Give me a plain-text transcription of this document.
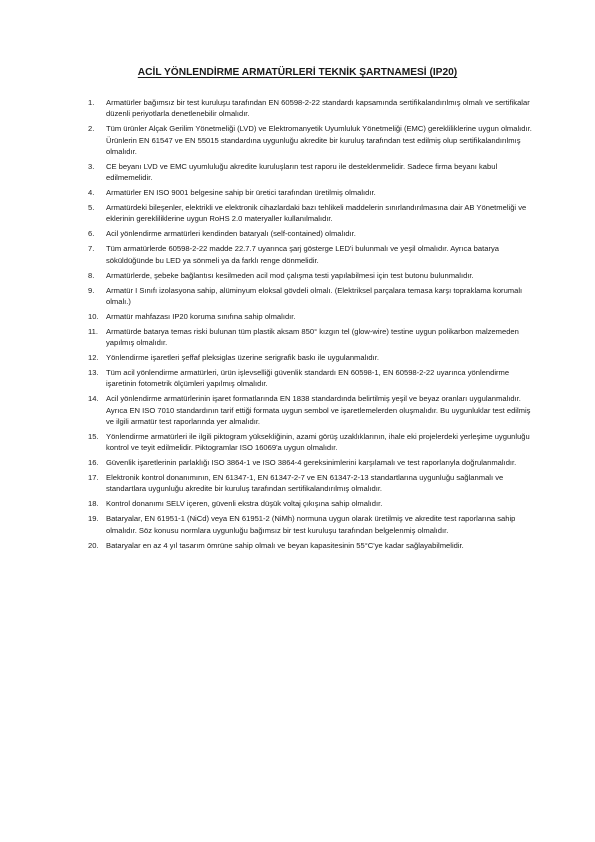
ACİL YÖNLENDİRME ARMATÜRLERİ TEKNİK ŞARTNAMESİ (IP20)
1.	Armatürler bağımsız bir test kuruluşu tarafından EN 60598-2-22 standardı kapsamında sertifikalandırılmış olmalı ve sertifikalar düzenli periyotlarla denetlenebilir olmalıdır.
2.	Tüm ürünler Alçak Gerilim Yönetmeliği (LVD) ve Elektromanyetik Uyumluluk Yönetmeliği (EMC) gerekliliklerine uygun olmalıdır. Ürünlerin EN 61547 ve EN 55015 standardına uygunluğu akredite bir kuruluş tarafından test edilmiş olup sertifikalandırılmış olmalıdır.
3.	CE beyanı LVD ve EMC uyumluluğu akredite kuruluşların test raporu ile desteklenmelidir. Sadece firma beyanı kabul edilmemelidir.
4.	Armatürler EN ISO 9001 belgesine sahip bir üretici tarafından üretilmiş olmalıdır.
5.	Armatürdeki bileşenler, elektrikli ve elektronik cihazlardaki bazı tehlikeli maddelerin sınırlandırılmasına dair AB Yönetmeliği ve eklerinin gerekliliklerine uygun RoHS 2.0 materyaller kullanılmalıdır.
6.	Acil yönlendirme armatürleri kendinden bataryalı (self-contained) olmalıdır.
7.	Tüm armatürlerde 60598-2-22 madde 22.7.7 uyarınca şarj gösterge LED'i bulunmalı ve yeşil olmalıdır. Ayrıca batarya söküldüğünde bu LED ya sönmeli ya da farklı renge dönmelidir.
8.	Armatürlerde, şebeke bağlantısı kesilmeden acil mod çalışma testi yapılabilmesi için test butonu bulunmalıdır.
9.	Armatür I Sınıfı izolasyona sahip, alüminyum eloksal gövdeli olmalı. (Elektriksel parçalara temasa karşı topraklama korumalı olmalı.)
10. Armatür mahfazası IP20 koruma sınıfına sahip olmalıdır.
11.	Armatürde batarya temas riski bulunan tüm plastik aksam 850° kızgın tel (glow-wire) testine uygun polikarbon malzemeden yapılmış olmalıdır.
12. Yönlendirme işaretleri şeffaf pleksiglas üzerine serigrafik baskı ile uygulanmalıdır.
13. Tüm acil yönlendirme armatürleri, ürün işlevselliği güvenlik standardı EN 60598-1, EN 60598-2-22 uyarınca yönlendirme işaretinin fotometrik ölçümleri yapılmış olmalıdır.
14. Acil yönlendirme armatürlerinin işaret formatlarında EN 1838 standardında belirtilmiş yeşil ve beyaz oranları uygulanmalıdır. Ayrıca EN ISO 7010 standardının tarif ettiği formata uygun sembol ve işaretlemelerden oluşmalıdır. Bu uygunluklar test edilmiş ve ilgili armatür test raporlarında yer almalıdır.
15. Yönlendirme armatürleri ile ilgili piktogram yüksekliğinin, azami görüş uzaklıklarının, ihale eki projelerdeki yerleşime uygunluğu kontrol ve teyit edilmelidir. Piktogramlar ISO 16069'a uygun olmalıdır.
16. Güvenlik işaretlerinin parlaklığı ISO 3864-1 ve ISO 3864-4 gereksinimlerini karşılamalı ve test raporlarıyla doğrulanmalıdır.
17. Elektronik kontrol donanımının, EN 61347-1, EN 61347-2-7 ve EN 61347-2-13 standartlarına uygunluğu sağlanmalı ve standartlara uygunluğu akredite bir kuruluş tarafından sertifikalandırılmış olmalıdır.
18. Kontrol donanımı SELV içeren, güvenli ekstra düşük voltaj çıkışına sahip olmalıdır.
19. Bataryalar, EN 61951-1 (NiCd) veya EN 61951-2 (NiMh) normuna uygun olarak üretilmiş ve akredite test raporlarına sahip olmalıdır. Söz konusu normlara uygunluğu bağımsız bir test kuruluşu tarafından belgelenmiş olmalıdır.
20. Bataryalar en az 4 yıl tasarım ömrüne sahip olmalı ve beyan kapasitesinin 55°C'ye kadar sağlayabilmelidir.
